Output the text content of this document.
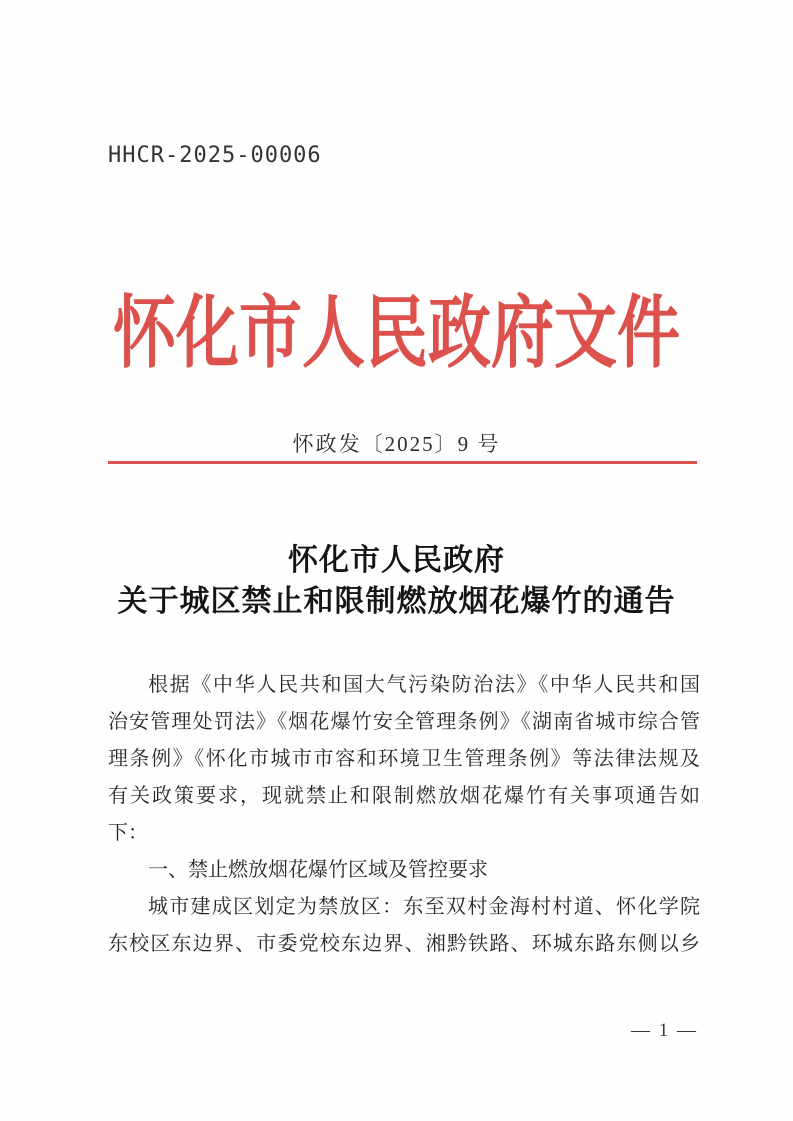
HHCR-2025-00006
怀化市人民政府文件
怀政发〔2025〕9 号
怀化市人民政府
关于城区禁止和限制燃放烟花爆竹的通告
根据《中华人民共和国大气污染防治法》《中华人民共和国
治安管理处罚法》《烟花爆竹安全管理条例》《湖南省城市综合管
理条例》《怀化市城市市容和环境卫生管理条例》等法律法规及
有关政策要求，现就禁止和限制燃放烟花爆竹有关事项通告如
下：
一、禁止燃放烟花爆竹区域及管控要求
城市建成区划定为禁放区：东至双村金海村村道、怀化学院
东校区东边界、市委党校东边界、湘黔铁路、环城东路东侧以乡
— 1 —
